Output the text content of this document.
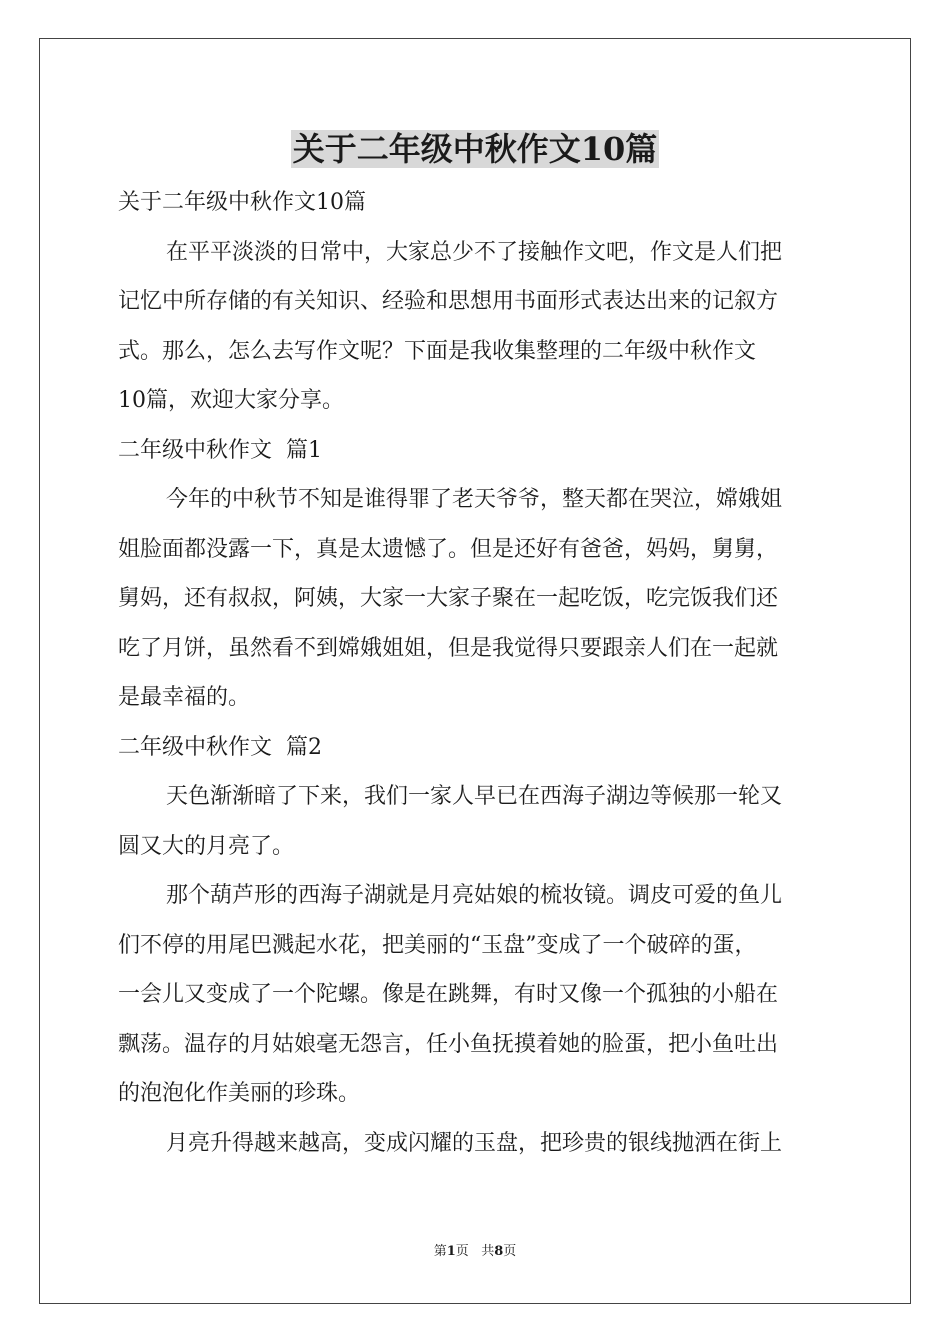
关于二年级中秋作文10篇

关于二年级中秋作文10篇

在平平淡淡的日常中，大家总少不了接触作文吧，作文是人们把

记忆中所存储的有关知识、经验和思想用书面形式表达出来的记叙方

式。那么，怎么去写作文呢？下面是我收集整理的二年级中秋作文

10篇，欢迎大家分享。

二年级中秋作文  篇1

今年的中秋节不知是谁得罪了老天爷爷，整天都在哭泣，嫦娥姐

姐脸面都没露一下，真是太遗憾了。但是还好有爸爸，妈妈，舅舅，

舅妈，还有叔叔，阿姨，大家一大家子聚在一起吃饭，吃完饭我们还

吃了月饼，虽然看不到嫦娥姐姐，但是我觉得只要跟亲人们在一起就

是最幸福的。

二年级中秋作文  篇2

天色渐渐暗了下来，我们一家人早已在西海子湖边等候那一轮又

圆又大的月亮了。

那个葫芦形的西海子湖就是月亮姑娘的梳妆镜。调皮可爱的鱼儿

们不停的用尾巴溅起水花，把美丽的“玉盘”变成了一个破碎的蛋，

一会儿又变成了一个陀螺。像是在跳舞，有时又像一个孤独的小船在

飘荡。温存的月姑娘毫无怨言，任小鱼抚摸着她的脸蛋，把小鱼吐出

的泡泡化作美丽的珍珠。

月亮升得越来越高，变成闪耀的玉盘，把珍贵的银线抛洒在街上

第1页 共8页
